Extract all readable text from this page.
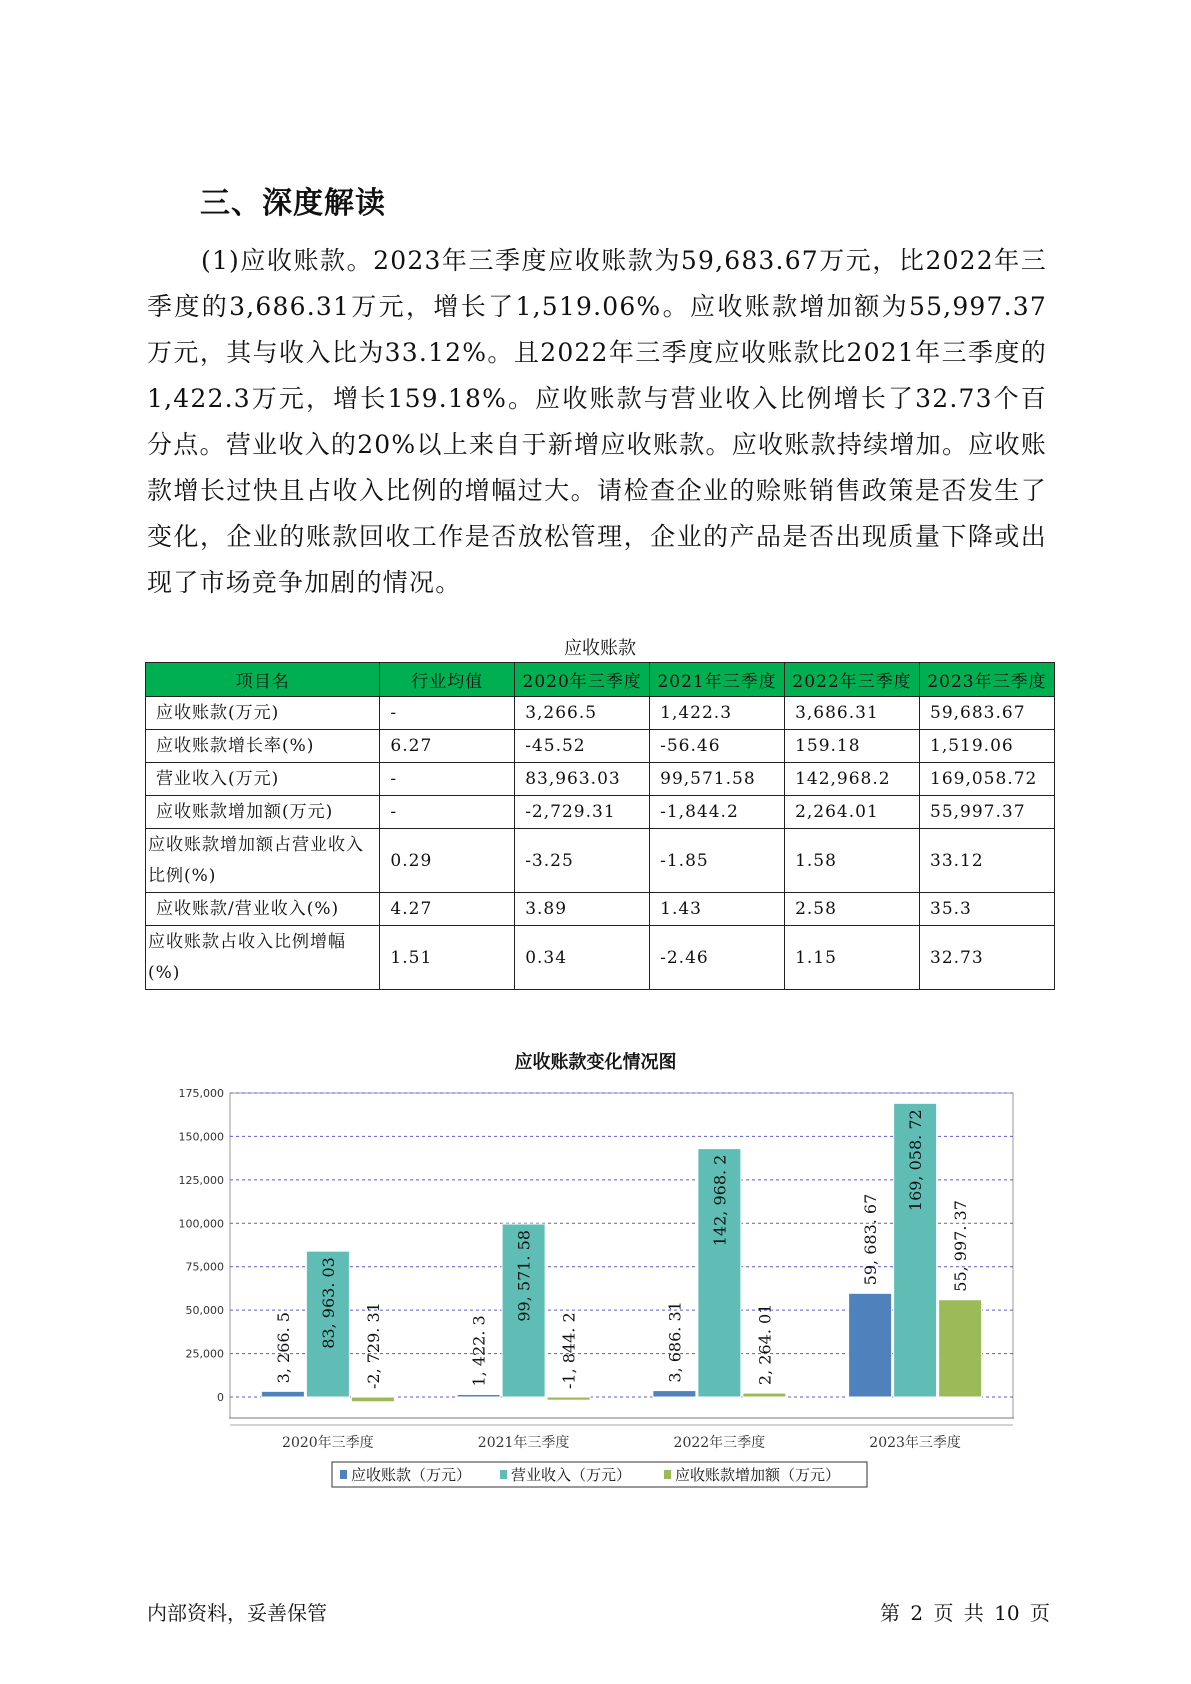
三、深度解读
(1)应收账款。2023年三季度应收账款为59,683.67万元，比2022年三季度的3,686.31万元，增长了1,519.06%。应收账款增加额为55,997.37万元，其与收入比为33.12%。且2022年三季度应收账款比2021年三季度的1,422.3万元，增长159.18%。应收账款与营业收入比例增长了32.73个百分点。营业收入的20%以上来自于新增应收账款。应收账款持续增加。应收账款增长过快且占收入比例的增幅过大。请检查企业的赊账销售政策是否发生了变化，企业的账款回收工作是否放松管理，企业的产品是否出现质量下降或出现了市场竞争加剧的情况。
应收账款
项目名	行业均值	2020年三季度	2021年三季度	2022年三季度	2023年三季度
应收账款(万元)	-	3,266.5	1,422.3	3,686.31	59,683.67
应收账款增长率(%)	6.27	-45.52	-56.46	159.18	1,519.06
营业收入(万元)	-	83,963.03	99,571.58	142,968.2	169,058.72
应收账款增加额(万元)	-	-2,729.31	-1,844.2	2,264.01	55,997.37
应收账款增加额占营业收入比例(%)	0.29	-3.25	-1.85	1.58	33.12
应收账款/营业收入(%)	4.27	3.89	1.43	2.58	35.3
应收账款占收入比例增幅(%)	1.51	0.34	-2.46	1.15	32.73
应收账款变化情况图
0
25,000
50,000
75,000
100,000
125,000
150,000
175,000
3, 266. 5 83, 963. 03 -2, 729. 31
2020年三季度
1, 422. 3
99, 571. 58
-1, 844. 2
2021年三季度
3, 686. 31
142, 968. 2
2, 264. 01
2022年三季度
59, 683. 67
169, 058. 72
55, 997. 37
2023年三季度
应收账款（万元）	营业收入（万元）	应收账款增加额（万元）
内部资料，妥善保管	第 2 页 共 10 页
